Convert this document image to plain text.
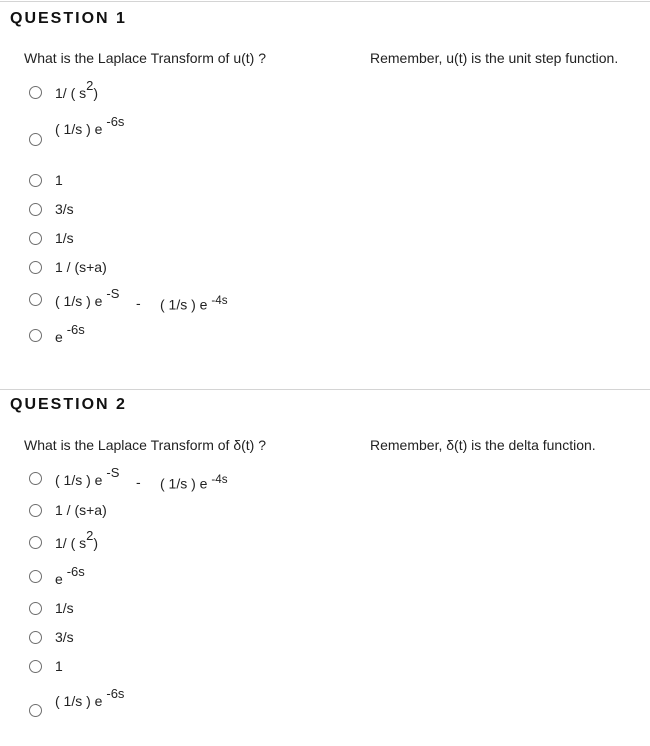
QUESTION 1
What is the Laplace Transform of u(t) ?	Remember, u(t) is the unit step function.
1/ ( $s^2$)
( 1/s ) e $^{-6s}$
1
3/s
1/s
1 / (s+a)
( 1/s ) e $^{-S}$
- ( 1/s ) e $^{-4s}$
e $^{-6s}$
QUESTION 2
What is the Laplace Transform of δ(t) ?	Remember, δ(t) is the delta function.
( 1/s ) e $^{-S}$
- ( 1/s ) e $^{-4s}$
1 / (s+a)
1/ ( $s^2$)
e $^{-6s}$
1/s
3/s
1
( 1/s ) e $^{-6s}$
